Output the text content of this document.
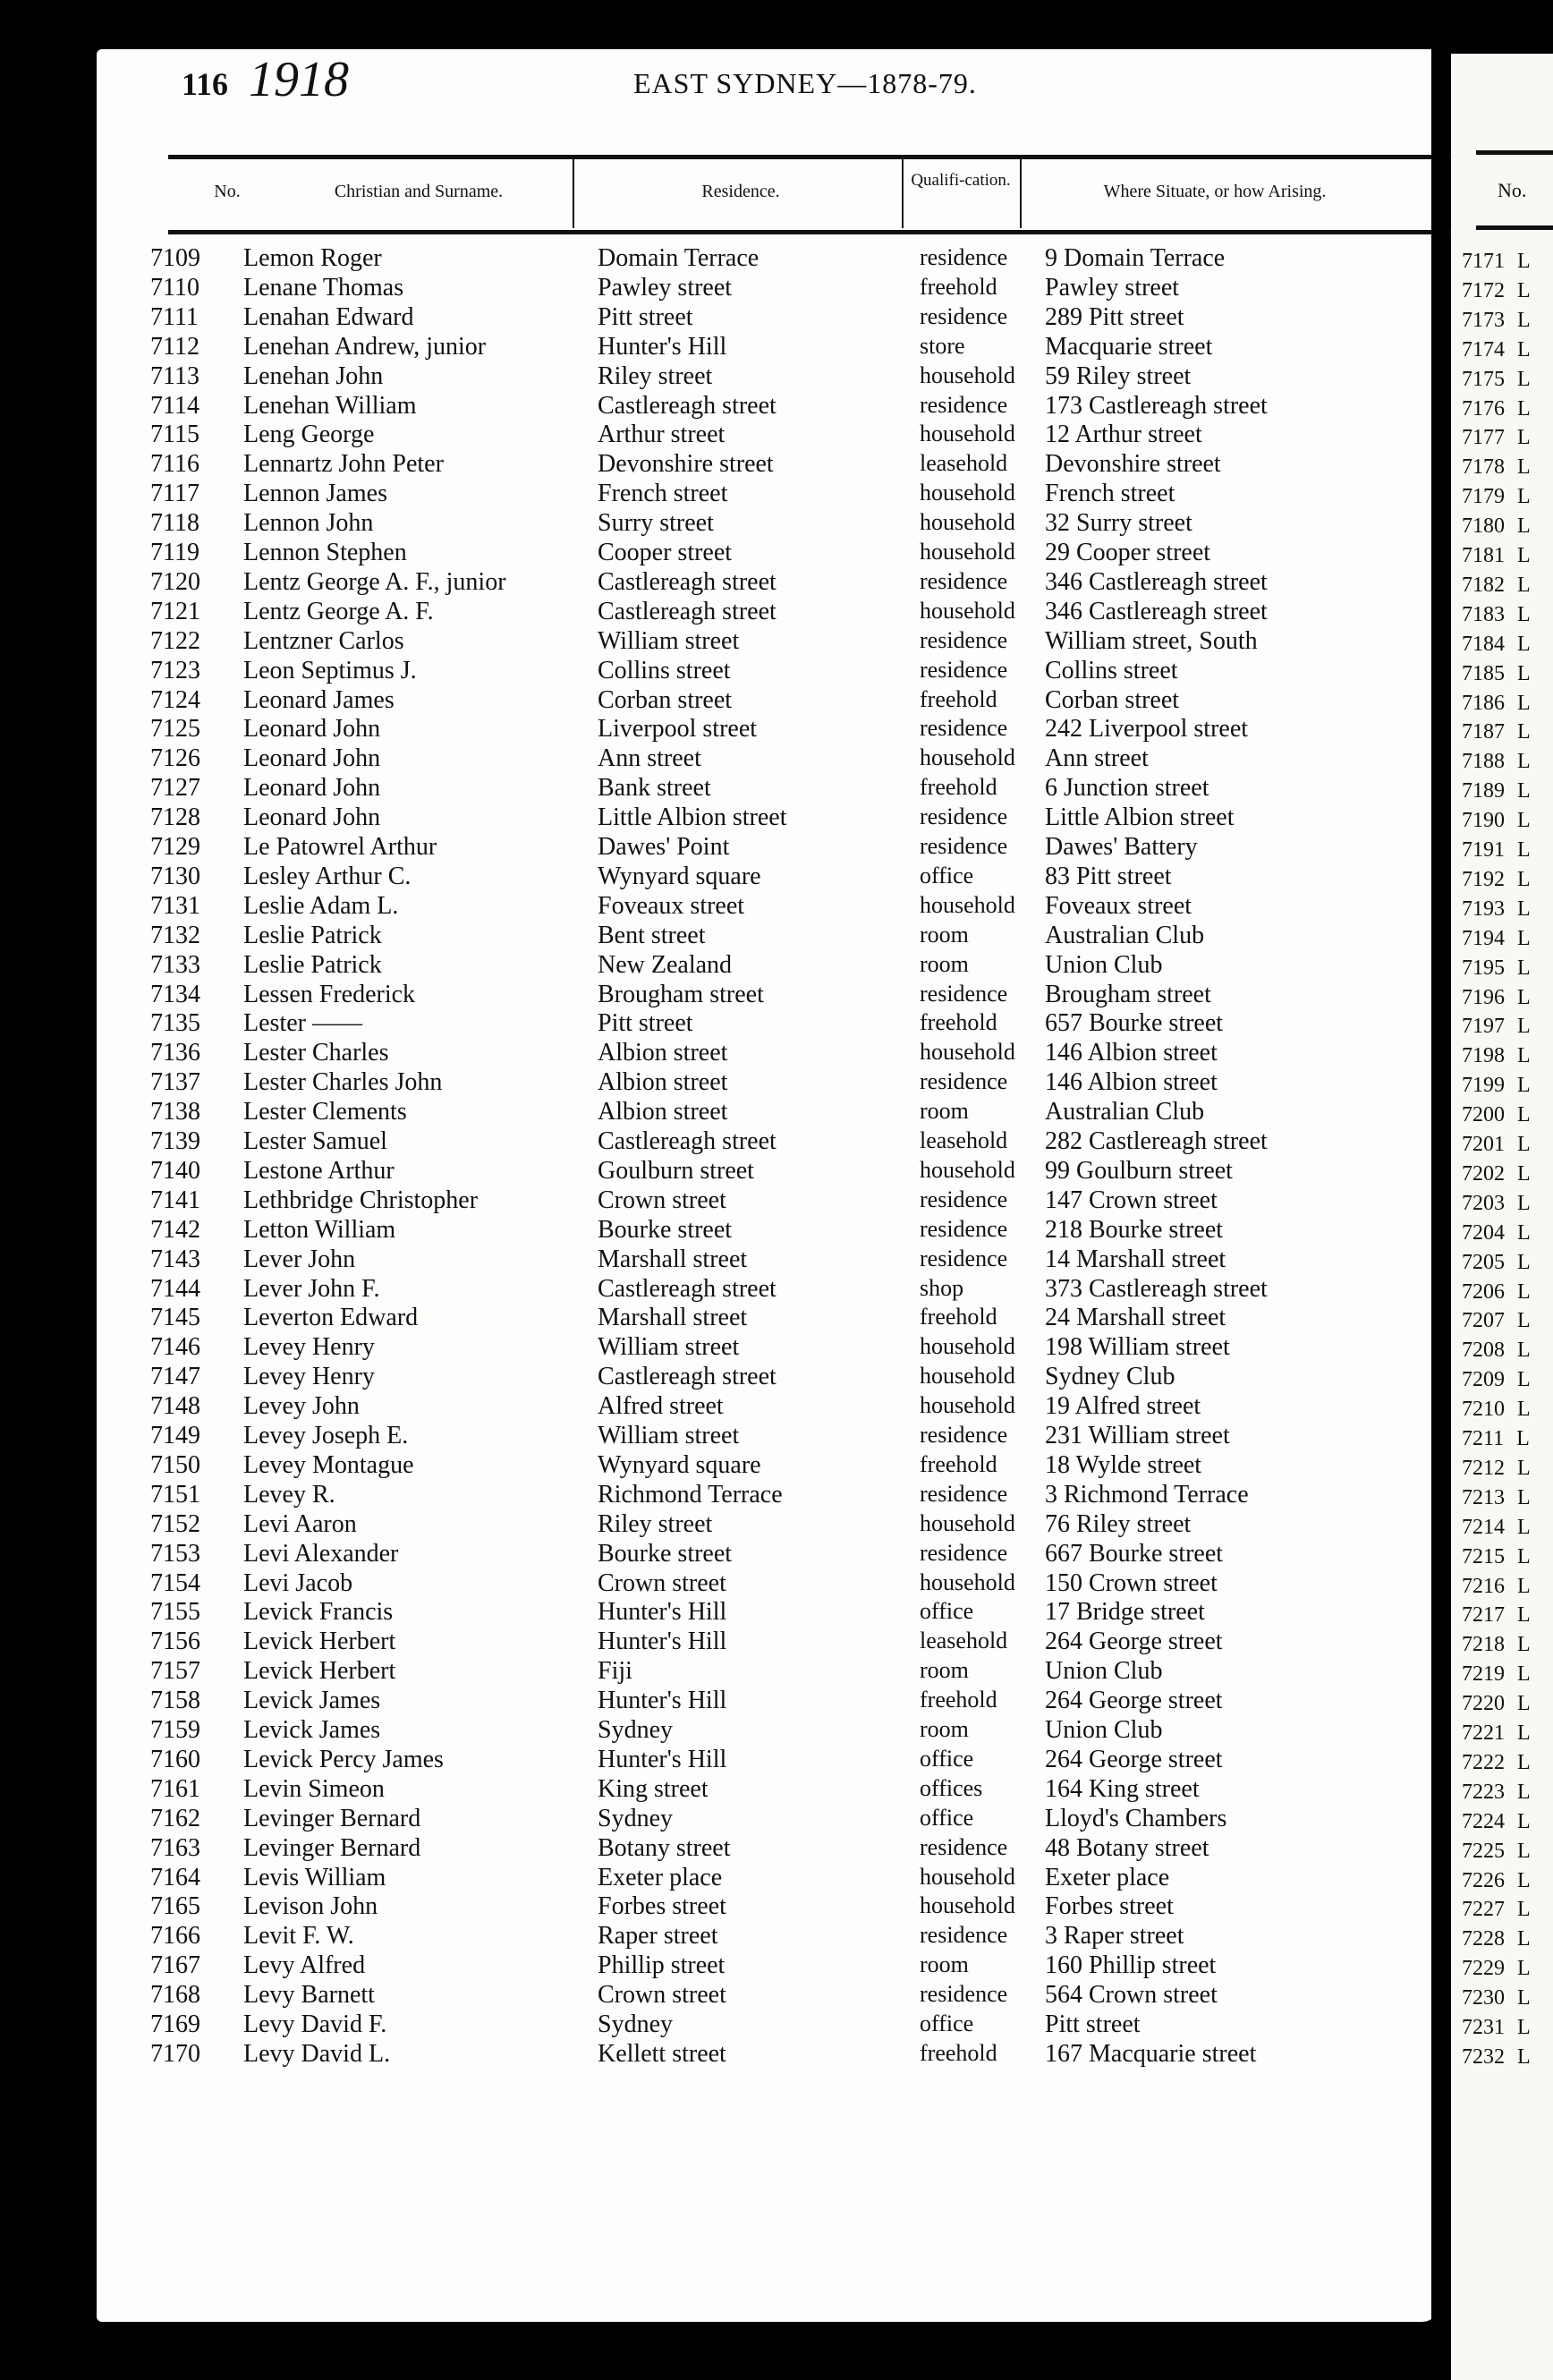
116 1918	EAST SYDNEY—1878-79.
No.	Christian and Surname.	Residence.
Qualifi-cation.
Where Situate, or how Arising.
7109 Lemon Roger	Domain Terrace	residence 9 Domain Terrace
7110 Lenane Thomas	Pawley street	freehold Pawley street
7111 Lenahan Edward	Pitt street	residence 289 Pitt street
7112 Lenehan Andrew, junior	Hunter's Hill	store	Macquarie street
7113 Lenehan John	Riley street	household 59 Riley street
7114 Lenehan William	Castlereagh street	residence 173 Castlereagh street
7115 Leng George	Arthur street	household 12 Arthur street
7116 Lennartz John Peter	Devonshire street	leasehold Devonshire street
7117 Lennon James	French street	household French street
7118 Lennon John	Surry street	household 32 Surry street
7119 Lennon Stephen	Cooper street	household 29 Cooper street
7120 Lentz George A. F., junior	Castlereagh street	residence 346 Castlereagh street
7121 Lentz George A. F.	Castlereagh street	household 346 Castlereagh street
7122 Lentzner Carlos	William street	residence William street, South
7123 Leon Septimus J.	Collins street	residence Collins street
7124 Leonard James	Corban street	freehold Corban street
7125 Leonard John	Liverpool street	residence 242 Liverpool street
7126 Leonard John	Ann street	household Ann street
7127 Leonard John	Bank street	freehold 6 Junction street
7128 Leonard John	Little Albion street	residence Little Albion street
7129 Le Patowrel Arthur	Dawes' Point	residence Dawes' Battery
7130 Lesley Arthur C.	Wynyard square	office	83 Pitt street
7131 Leslie Adam L.	Foveaux street	household Foveaux street
7132 Leslie Patrick	Bent street	room	Australian Club
7133 Leslie Patrick	New Zealand	room	Union Club
7134 Lessen Frederick	Brougham street	residence Brougham street
7135 Lester ——	Pitt street	freehold 657 Bourke street
7136 Lester Charles	Albion street	household 146 Albion street
7137 Lester Charles John	Albion street	residence 146 Albion street
7138 Lester Clements	Albion street	room	Australian Club
7139 Lester Samuel	Castlereagh street	leasehold 282 Castlereagh street
7140 Lestone Arthur	Goulburn street	household 99 Goulburn street
7141 Lethbridge Christopher	Crown street	residence 147 Crown street
7142 Letton William	Bourke street	residence 218 Bourke street
7143 Lever John	Marshall street	residence 14 Marshall street
7144 Lever John F.	Castlereagh street	shop	373 Castlereagh street
7145 Leverton Edward	Marshall street	freehold 24 Marshall street
7146 Levey Henry	William street	household 198 William street
7147 Levey Henry	Castlereagh street	household Sydney Club
7148 Levey John	Alfred street	household 19 Alfred street
7149 Levey Joseph E.	William street	residence 231 William street
7150 Levey Montague	Wynyard square	freehold 18 Wylde street
7151 Levey R.	Richmond Terrace	residence 3 Richmond Terrace
7152 Levi Aaron	Riley street	household 76 Riley street
7153 Levi Alexander	Bourke street	residence 667 Bourke street
7154 Levi Jacob	Crown street	household 150 Crown street
7155 Levick Francis	Hunter's Hill	office	17 Bridge street
7156 Levick Herbert	Hunter's Hill	leasehold 264 George street
7157 Levick Herbert	Fiji	room	Union Club
7158 Levick James	Hunter's Hill	freehold 264 George street
7159 Levick James	Sydney	room	Union Club
7160 Levick Percy James	Hunter's Hill	office	264 George street
7161 Levin Simeon	King street	offices 164 King street
7162 Levinger Bernard	Sydney	office	Lloyd's Chambers
7163 Levinger Bernard	Botany street	residence 48 Botany street
7164 Levis William	Exeter place	household Exeter place
7165 Levison John	Forbes street	household Forbes street
7166 Levit F. W.	Raper street	residence 3 Raper street
7167 Levy Alfred	Phillip street	room	160 Phillip street
7168 Levy Barnett	Crown street	residence 564 Crown street
7169 Levy David F.	Sydney	office	Pitt street
7170 Levy David L.	Kellett street	freehold 167 Macquarie street
No.
7171 L
7172 L
7173 L
7174 L
7175 L
7176 L
7177 L
7178 L
7179 L
7180 L
7181 L
7182 L
7183 L
7184 L
7185 L
7186 L
7187 L
7188 L
7189 L
7190 L
7191 L
7192 L
7193 L
7194 L
7195 L
7196 L
7197 L
7198 L
7199 L
7200 L
7201 L
7202 L
7203 L
7204 L
7205 L
7206 L
7207 L
7208 L
7209 L
7210 L
7211 L
7212 L
7213 L
7214 L
7215 L
7216 L
7217 L
7218 L
7219 L
7220 L
7221 L
7222 L
7223 L
7224 L
7225 L
7226 L
7227 L
7228 L
7229 L
7230 L
7231 L
7232 L
